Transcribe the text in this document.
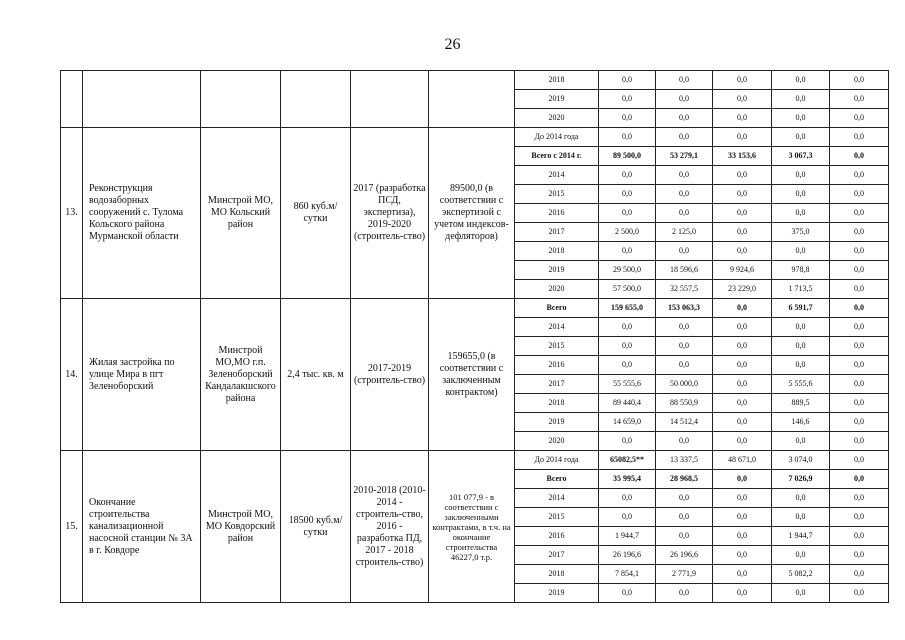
26
						2018	0,0	0,0	0,0	0,0	0,0
						2019	0,0	0,0	0,0	0,0	0,0
						2020	0,0	0,0	0,0	0,0	0,0
13.	Реконструкция водозаборных сооружений с. Тулома Кольского района Мурманской области	Минстрой МО, МО Кольский район	860 куб.м/ сутки	2017 (разработка ПСД, экспертиза), 2019-2020 (строитель-ство)	89500,0 (в соответствии с экспертизой с учетом индексов-дефляторов)	До 2014 года	0,0	0,0	0,0	0,0	0,0
						Всего с 2014 г.	89 500,0	53 279,1	33 153,6	3 067,3	0,0
						2014	0,0	0,0	0,0	0,0	0,0
						2015	0,0	0,0	0,0	0,0	0,0
						2016	0,0	0,0	0,0	0,0	0,0
						2017	2 500,0	2 125,0	0,0	375,0	0,0
						2018	0,0	0,0	0,0	0,0	0,0
						2019	29 500,0	18 596,6	9 924,6	978,8	0,0
						2020	57 500,0	32 557,5	23 229,0	1 713,5	0,0
14.	Жилая застройка по улице Мира в пгт Зеленоборский	Минстрой МО,МО г.п. Зеленоборский Кандалакшского района	2,4 тыс. кв. м	2017-2019 (строитель-ство)	159655,0 (в соответствии с заключенным контрактом)	Всего	159 655,0	153 063,3	0,0	6 591,7	0,0
						2014	0,0	0,0	0,0	0,0	0,0
						2015	0,0	0,0	0,0	0,0	0,0
						2016	0,0	0,0	0,0	0,0	0,0
						2017	55 555,6	50 000,0	0,0	5 555,6	0,0
						2018	89 440,4	88 550,9	0,0	889,5	0,0
						2019	14 659,0	14 512,4	0,0	146,6	0,0
						2020	0,0	0,0	0,0	0,0	0,0
15.	Окончание строительства канализационной насосной станции № 3А в г. Ковдоре	Минстрой МО, МО Ковдорский район	18500 куб.м/ сутки	2010-2018 (2010-2014 - строитель-ство, 2016 - разработка ПД, 2017 - 2018 строитель-ство)	101 077,9 - в соответствии с заключенными контрактами, в т.ч. на окончание строительства 46227,0 т.р.	До 2014 года	65082,5**	13 337,5	48 671,0	3 074,0	0,0
						Всего	35 995,4	28 968,5	0,0	7 026,9	0,0
						2014	0,0	0,0	0,0	0,0	0,0
						2015	0,0	0,0	0,0	0,0	0,0
						2016	1 944,7	0,0	0,0	1 944,7	0,0
						2017	26 196,6	26 196,6	0,0	0,0	0,0
						2018	7 854,1	2 771,9	0,0	5 082,2	0,0
						2019	0,0	0,0	0,0	0,0	0,0
